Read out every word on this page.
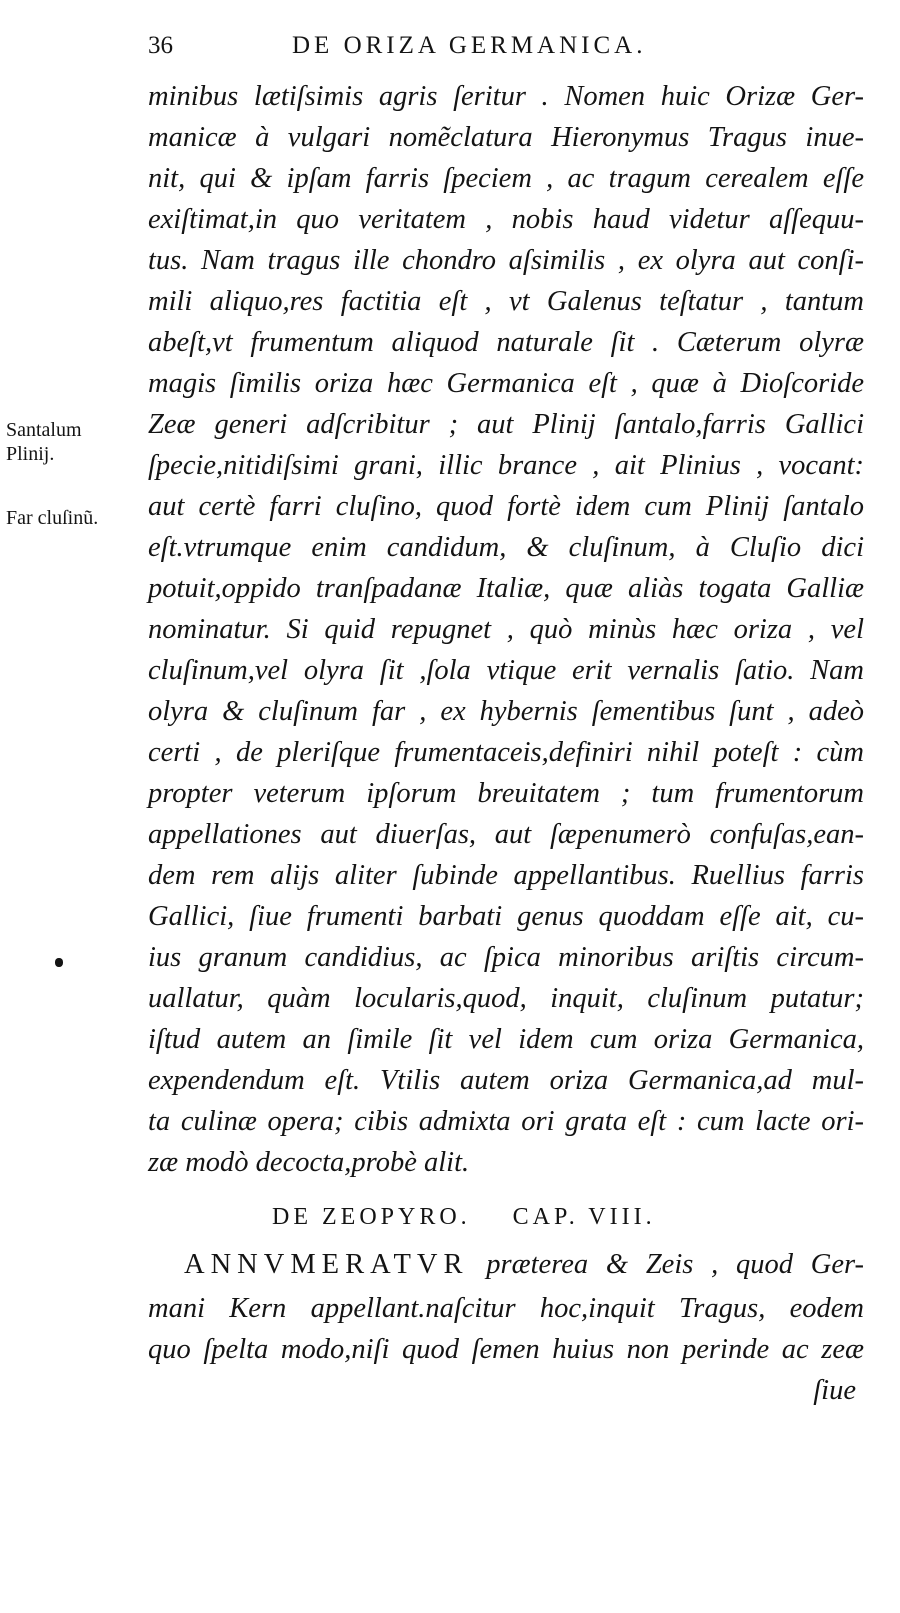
36	DE ORIZA GERMANICA.
Santalum
Plinij.
Far cluſinũ.
minibus lætiſsimis agris ſeritur . Nomen huic Orizæ Ger-
manicæ à vulgari nomẽclatura Hieronymus Tragus inue-
nit, qui & ipſam farris ſpeciem , ac tragum cerealem eſſe
exiſtimat,in quo veritatem , nobis haud videtur aſſequu-
tus. Nam tragus ille chondro aſsimilis , ex olyra aut conſi-
mili aliquo,res factitia eſt , vt Galenus teſtatur , tantum
abeſt,vt frumentum aliquod naturale ſit . Cæterum olyræ
magis ſimilis oriza hæc Germanica eſt , quæ à Dioſcoride
Zeæ generi adſcribitur ; aut Plinij ſantalo,farris Gallici
ſpecie,nitidiſsimi grani, illic brance , ait Plinius , vocant:
aut certè farri cluſino, quod fortè idem cum Plinij ſantalo
eſt.vtrumque enim candidum, & cluſinum, à Cluſio dici
potuit,oppido tranſpadanæ Italiæ, quæ aliàs togata Galliæ
nominatur. Si quid repugnet , quò minùs hæc oriza , vel
cluſinum,vel olyra ſit ,ſola vtique erit vernalis ſatio. Nam
olyra & cluſinum far , ex hybernis ſementibus ſunt , adeò
certi , de pleriſque frumentaceis,definiri nihil poteſt : cùm
propter veterum ipſorum breuitatem ; tum frumentorum
appellationes aut diuerſas, aut ſæpenumerò confuſas,ean-
dem rem alijs aliter ſubinde appellantibus. Ruellius farris
Gallici, ſiue frumenti barbati genus quoddam eſſe ait, cu-
ius granum candidius, ac ſpica minoribus ariſtis circum-
uallatur, quàm locularis,quod, inquit, cluſinum putatur;
iſtud autem an ſimile ſit vel idem cum oriza Germanica,
expendendum eſt. Vtilis autem oriza Germanica,ad mul-
ta culinæ opera; cibis admixta ori grata eſt : cum lacte ori-
zæ modò decocta,probè alit.
DE ZEOPYRO. CAP. VIII.
ANNVMERATVR præterea & Zeis , quod Ger-
mani Kern appellant.naſcitur hoc,inquit Tragus, eodem
quo ſpelta modo,niſi quod ſemen huius non perinde ac zeæ
ſiue
